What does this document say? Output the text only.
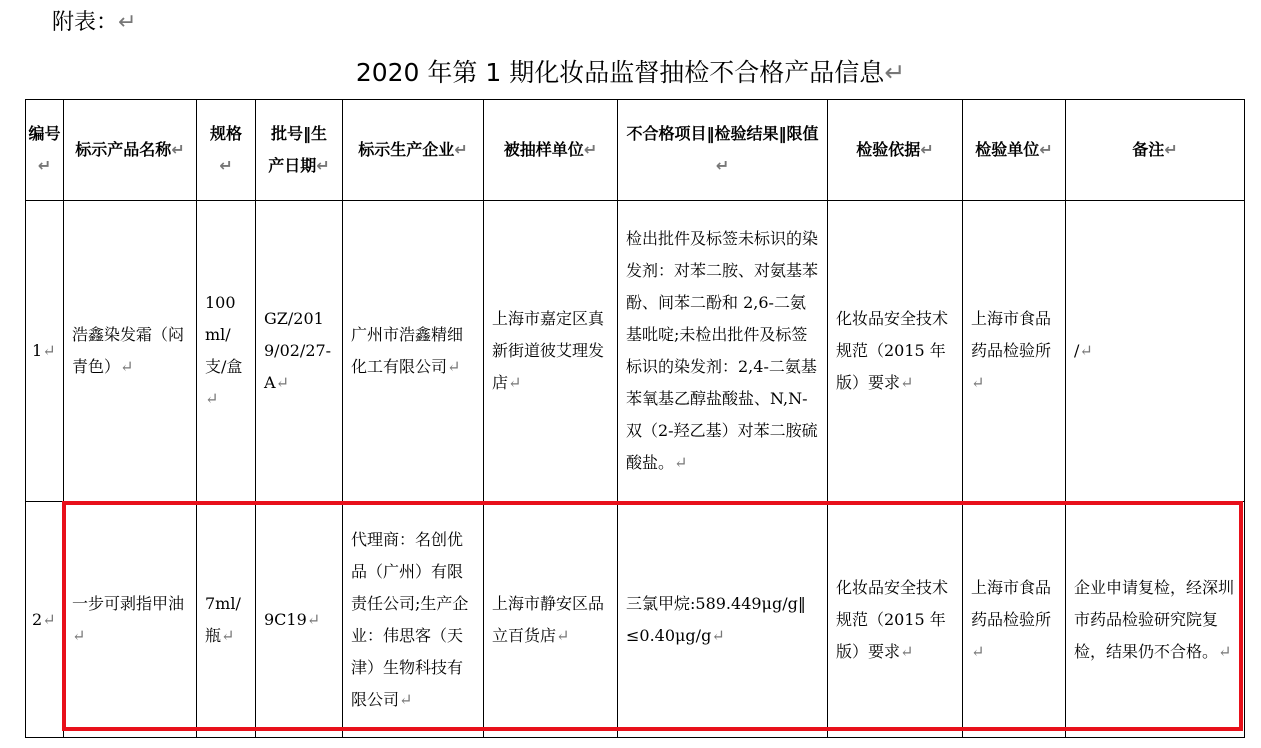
附表：↵
2020 年第 1 期化妆品监督抽检不合格产品信息↵
编号↵	标示产品名称↵	规格↵	批号‖生产日期↵	标示生产企业↵	被抽样单位↵	不合格项目‖检验结果‖限值↵	检验依据↵	检验单位↵	备注↵
1↵	浩鑫染发霜（闷青色）↵	100ml/支/盒↵	GZ/2019/02/27-A↵	广州市浩鑫精细化工有限公司↵	上海市嘉定区真新街道彼艾理发店↵	检出批件及标签未标识的染发剂：对苯二胺、对氨基苯酚、间苯二酚和 2,6-二氨基吡啶;未检出批件及标签标识的染发剂：2,4-二氨基苯氧基乙醇盐酸盐、N,N-双（2-羟乙基）对苯二胺硫酸盐。↵	化妆品安全技术规范（2015 年版）要求↵	上海市食品药品检验所↵	/↵
2↵	一步可剥指甲油↵	7ml/瓶↵	9C19↵	代理商：名创优品（广州）有限责任公司;生产企业：伟思客（天津）生物科技有限公司↵	上海市静安区品立百货店↵	三氯甲烷:589.449μg/g‖≤0.40μg/g↵	化妆品安全技术规范（2015 年版）要求↵	上海市食品药品检验所↵	企业申请复检，经深圳市药品检验研究院复检，结果仍不合格。↵
